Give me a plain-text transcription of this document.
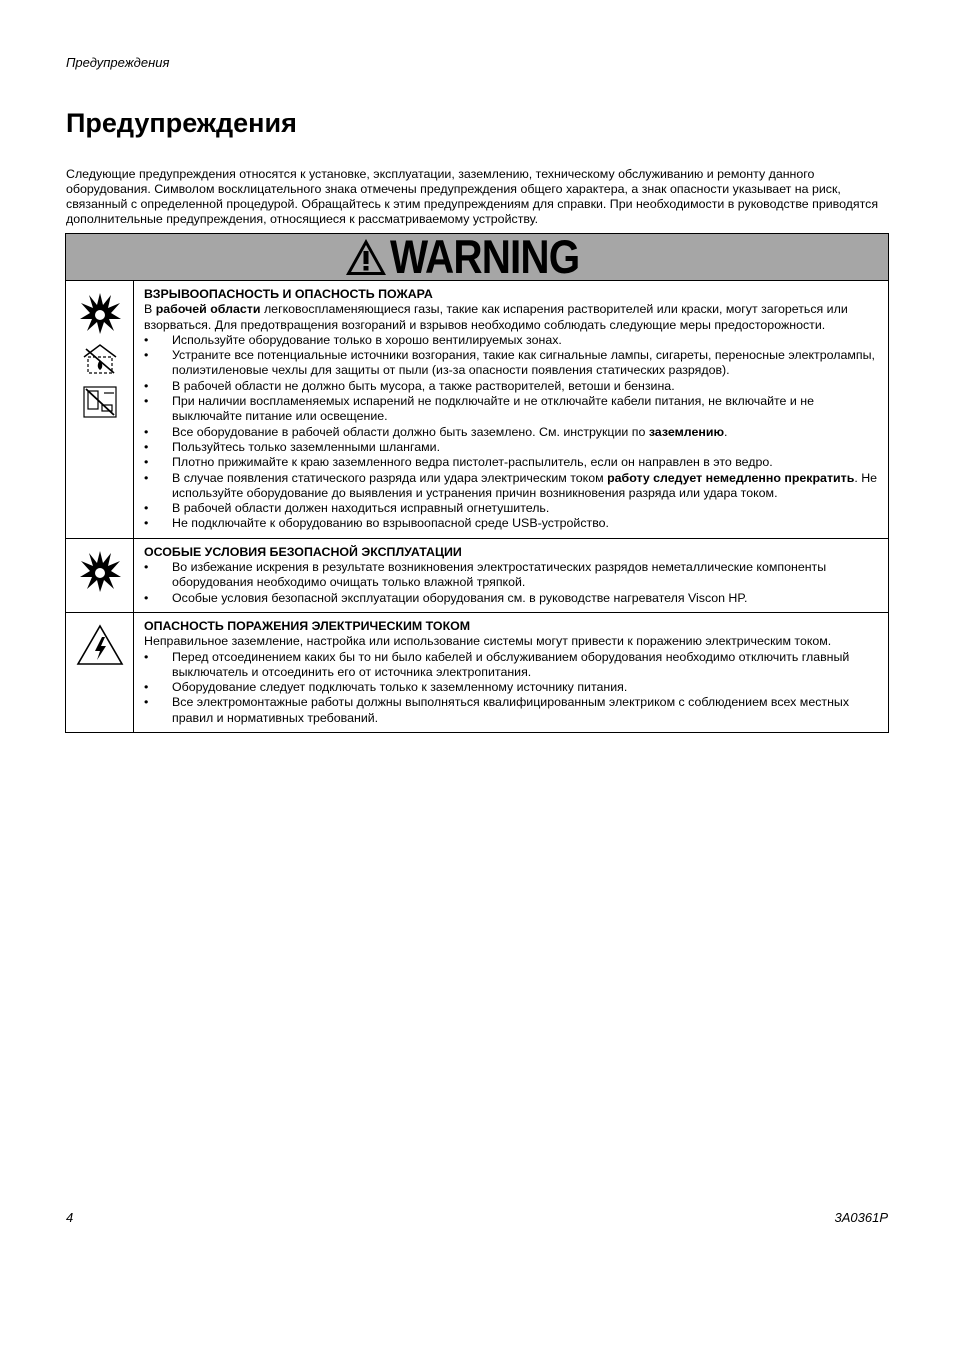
Предупреждения
Предупреждения

Следующие предупреждения относятся к установке, эксплуатации, заземлению, техническому обслуживанию и ремонту данного оборудования. Символом восклицательного знака отмечены предупреждения общего характера, а знак опасности указывает на риск, связанный с определенной процедурой. Обращайтесь к этим предупреждениям для справки. При необходимости в руководстве приводятся дополнительные предупреждения, относящиеся к рассматриваемому устройству.

WARNING

ВЗРЫВООПАСНОСТЬ И ОПАСНОСТЬ ПОЖАРА

В рабочей области легковоспламеняющиеся газы, такие как испарения растворителей или краски, могут загореться или взорваться. Для предотвращения возгораний и взрывов необходимо соблюдать следующие меры предосторожности.

• Используйте оборудование только в хорошо вентилируемых зонах.
• Устраните все потенциальные источники возгорания, такие как сигнальные лампы, сигареты, переносные электролампы, полиэтиленовые чехлы для защиты от пыли (из-за опасности появления статических разрядов).
• В рабочей области не должно быть мусора, а также растворителей, ветоши и бензина.
• При наличии воспламеняемых испарений не подключайте и не отключайте кабели питания, не включайте и не выключайте питание или освещение.
• Все оборудование в рабочей области должно быть заземлено. См. инструкции по заземлению.
• Пользуйтесь только заземленными шлангами.
• Плотно прижимайте к краю заземленного ведра пистолет-распылитель, если он направлен в это ведро.
• В случае появления статического разряда или удара электрическим током работу следует немедленно прекратить. Не используйте оборудование до выявления и устранения причин возникновения разряда или удара током.
• В рабочей области должен находиться исправный огнетушитель.
• Не подключайте к оборудованию во взрывоопасной среде USB-устройство.

ОСОБЫЕ УСЛОВИЯ БЕЗОПАСНОЙ ЭКСПЛУАТАЦИИ

• Во избежание искрения в результате возникновения электростатических разрядов неметаллические компоненты оборудования необходимо очищать только влажной тряпкой.
• Особые условия безопасной эксплуатации оборудования см. в руководстве нагревателя Viscon HP.

ОПАСНОСТЬ ПОРАЖЕНИЯ ЭЛЕКТРИЧЕСКИМ ТОКОМ

Неправильное заземление, настройка или использование системы могут привести к поражению электрическим током.

• Перед отсоединением каких бы то ни было кабелей и обслуживанием оборудования необходимо отключить главный выключатель и отсоединить его от источника электропитания.
• Оборудование следует подключать только к заземленному источнику питания.
• Все электромонтажные работы должны выполняться квалифицированным электриком с соблюдением всех местных правил и нормативных требований.
4	3A0361P
